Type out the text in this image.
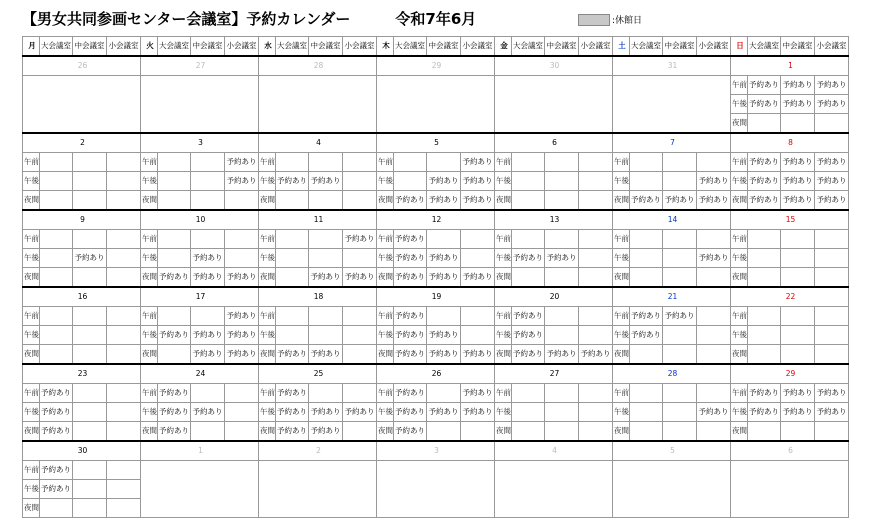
【男女共同参画センター会議室】予約カレンダー　　　令和7年6月	:休館日
月	大会議室	中会議室	小会議室	火	大会議室	中会議室	小会議室	水	大会議室	中会議室	小会議室	木	大会議室	中会議室	小会議室	金	大会議室	中会議室	小会議室	土	大会議室	中会議室	小会議室	日	大会議室	中会議室	小会議室
26				27				28				29				30				31				1			
																								午前	予約あり	予約あり	予約あり
																								午後	予約あり	予約あり	予約あり
																								夜間			
2				3				4				5				6				7				8			
午前				午前			予約あり	午前				午前			予約あり	午前				午前				午前	予約あり	予約あり	予約あり
午後				午後			予約あり	午後	予約あり	予約あり		午後		予約あり	予約あり	午後				午後			予約あり	午後	予約あり	予約あり	予約あり
夜間				夜間				夜間				夜間	予約あり	予約あり	予約あり	夜間				夜間	予約あり	予約あり	予約あり	夜間	予約あり	予約あり	予約あり
9				10				11				12				13				14				15			
午前				午前				午前			予約あり	午前	予約あり			午前				午前				午前			
午後		予約あり		午後		予約あり		午後				午後	予約あり	予約あり		午後	予約あり	予約あり		午後			予約あり	午後			
夜間				夜間	予約あり	予約あり	予約あり	夜間		予約あり	予約あり	夜間	予約あり	予約あり	予約あり	夜間				夜間				夜間			
16				17				18				19				20				21				22			
午前				午前			予約あり	午前				午前	予約あり			午前	予約あり			午前	予約あり	予約あり		午前			
午後				午後	予約あり	予約あり	予約あり	午後				午後	予約あり	予約あり		午後	予約あり			午後	予約あり			午後			
夜間				夜間		予約あり	予約あり	夜間	予約あり	予約あり		夜間	予約あり	予約あり	予約あり	夜間	予約あり	予約あり	予約あり	夜間				夜間			
23				24				25				26				27				28				29			
午前	予約あり			午前	予約あり			午前	予約あり			午前	予約あり		予約あり	午前				午前				午前	予約あり	予約あり	予約あり
午後	予約あり			午後	予約あり	予約あり		午後	予約あり	予約あり	予約あり	午後	予約あり	予約あり	予約あり	午後				午後			予約あり	午後	予約あり	予約あり	予約あり
夜間	予約あり			夜間	予約あり			夜間	予約あり	予約あり		夜間	予約あり			夜間				夜間				夜間			
30				1				2				3				4				5				6			
午前	予約あり																										
午後	予約あり																										
夜間																											
